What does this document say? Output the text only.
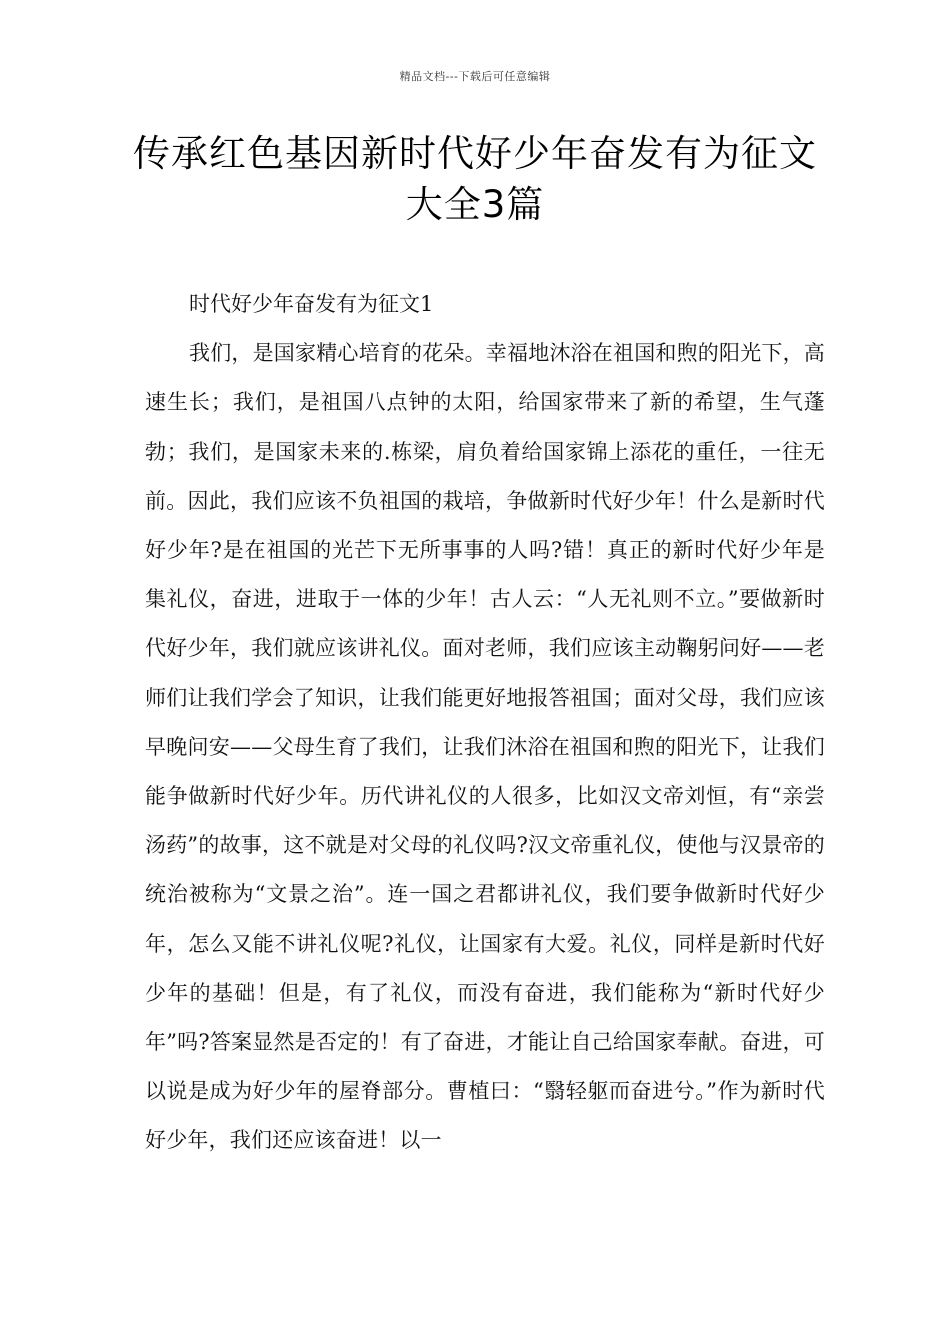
精品文档---下载后可任意编辑
传承红色基因新时代好少年奋发有为征文大全3篇

时代好少年奋发有为征文1

我们，是国家精心培育的花朵。幸福地沐浴在祖国和煦的阳光下，高速生长；我们，是祖国八点钟的太阳，给国家带来了新的希望，生气蓬勃；我们，是国家未来的.栋梁，肩负着给国家锦上添花的重任，一往无前。因此，我们应该不负祖国的栽培，争做新时代好少年！什么是新时代好少年?是在祖国的光芒下无所事事的人吗?错！真正的新时代好少年是集礼仪，奋进，进取于一体的少年！古人云：“人无礼则不立。”要做新时代好少年，我们就应该讲礼仪。面对老师，我们应该主动鞠躬问好——老师们让我们学会了知识，让我们能更好地报答祖国；面对父母，我们应该早晚问安——父母生育了我们，让我们沐浴在祖国和煦的阳光下，让我们能争做新时代好少年。历代讲礼仪的人很多，比如汉文帝刘恒，有“亲尝汤药”的故事，这不就是对父母的礼仪吗?汉文帝重礼仪，使他与汉景帝的统治被称为“文景之治”。连一国之君都讲礼仪，我们要争做新时代好少年，怎么又能不讲礼仪呢?礼仪，让国家有大爱。礼仪，同样是新时代好少年的基础！但是，有了礼仪，而没有奋进，我们能称为“新时代好少年”吗?答案显然是否定的！有了奋进，才能让自己给国家奉献。奋进，可以说是成为好少年的屋脊部分。曹植曰：“翳轻躯而奋进兮。”作为新时代好少年，我们还应该奋进！以一
